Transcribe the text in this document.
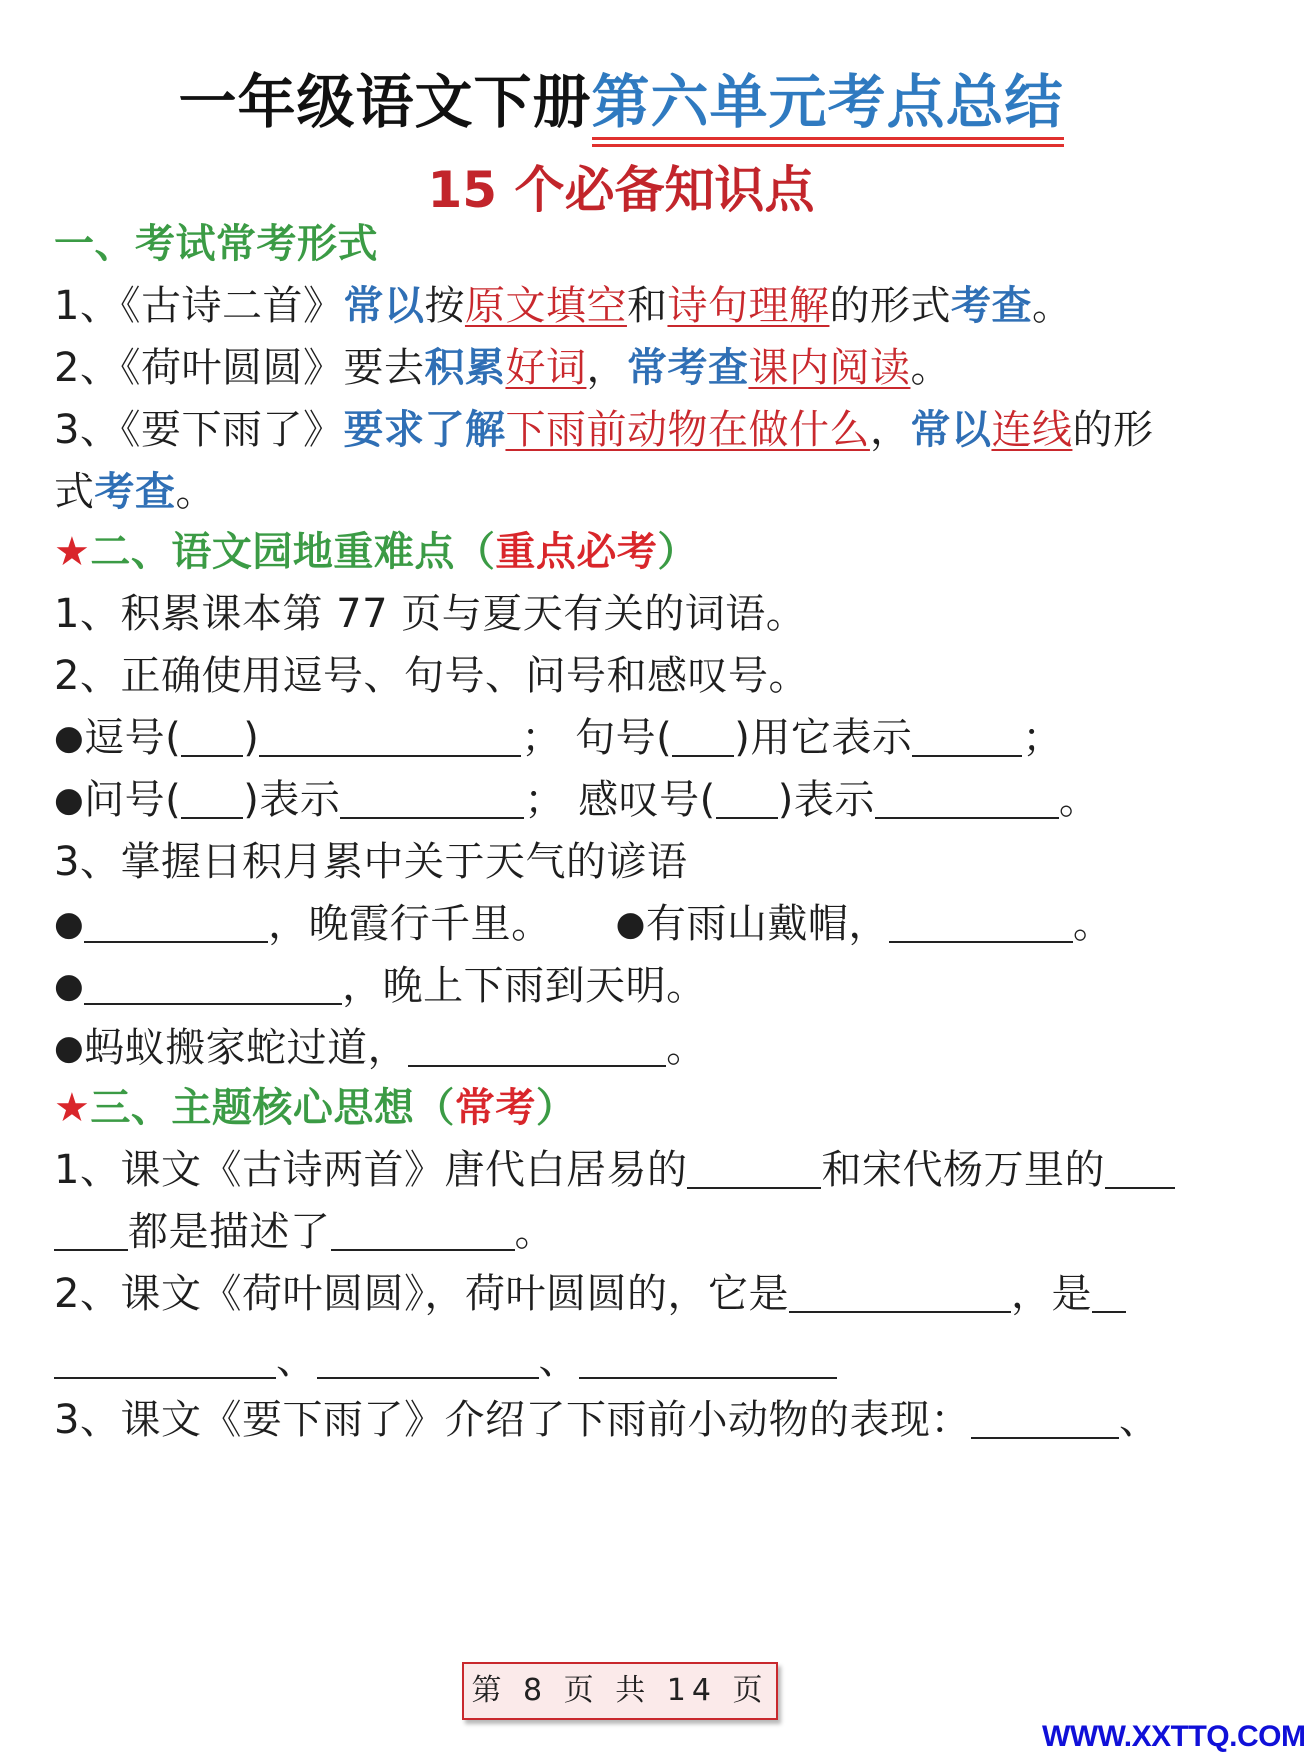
一年级语文下册第六单元考点总结
15 个必备知识点
一、考试常考形式
1、《古诗二首》常以按原文填空和诗句理解的形式考查。
2、《荷叶圆圆》要去积累好词，常考查课内阅读。
3、《要下雨了》要求了解下雨前动物在做什么，常以连线的形
式考查。
★二、语文园地重难点（重点必考）
1、积累课本第 77 页与夏天有关的词语。
2、正确使用逗号、句号、问号和感叹号。
●逗号( )	； 句号( )用它表示	；
●问号( )表示	； 感叹号( )表示	。
3、掌握日积月累中关于天气的谚语
●	，晚霞行千里。 ●有雨山戴帽，	。
●	，晚上下雨到天明。
●蚂蚁搬家蛇过道，	。
★三、主题核心思想（常考）
1、课文《古诗两首》唐代白居易的	和宋代杨万里的
都是描述了	。
2、课文《荷叶圆圆》，荷叶圆圆的，它是	，是
、	、
3、课文《要下雨了》介绍了下雨前小动物的表现：	、
第 8 页 共 14 页
WWW.XXTTQ.COM
